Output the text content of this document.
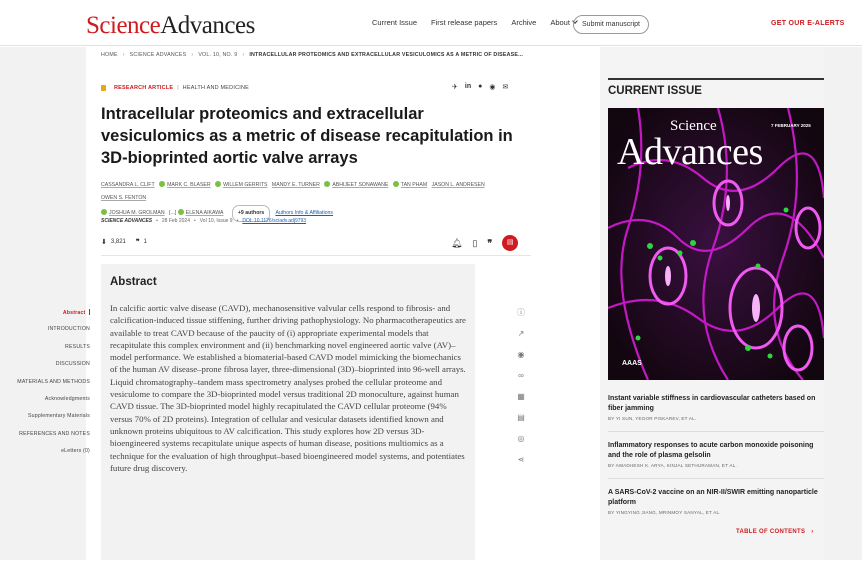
ScienceAdvances	Current Issue First release papers Archive About	Submit manuscript	GET OUR E-ALERTS
HOME › SCIENCE ADVANCES › VOL. 10, NO. 9 › INTRACELLULAR PROTEOMICS AND EXTRACELLULAR VESICULOMICS AS A METRIC OF DISEASE...
RESEARCH ARTICLE | HEALTH AND MEDICINE	✈ in ● ◉ ✉
Intracellular proteomics and extracellular vesiculomics as a metric of disease recapitulation in 3D-bioprinted aortic valve arrays
CASSANDRA L. CLIFT MARK C. BLASER WILLEM GERRITS MANDY E. TURNER ABHIJEET SONAWANE TAN PHAM JASON L. ANDRESEN OWEN S. FENTON
JOSHUA M. GROLMAN [...] ELENA AIKAWA	+9 authors Authors Info & Affiliations
SCIENCE ADVANCES • 28 Feb 2024 • Vol 10, Issue 9 • DOI: 10.1126/sciadv.adj9793
⬇ 3,821 ❞ 1	🔔︎ ▯ ❞	▤
Abstract

In calcific aortic valve disease (CAVD), mechanosensitive valvular cells respond to fibrosis- and calcification-induced tissue stiffening, further driving pathophysiology. No pharmacotherapeutics are available to treat CAVD because of the paucity of (i) appropriate experimental models that recapitulate this complex environment and (ii) benchmarking novel engineered aortic valve (AV)–model performance. We established a biomaterial-based CAVD model mimicking the biomechanics of the human AV disease–prone fibrosa layer, three-dimensional (3D)–bioprinted into 96-well arrays. Liquid chromatography–tandem mass spectrometry analyses probed the cellular proteome and vesiculome to compare the 3D-bioprinted model versus traditional 2D monoculture, against human CAVD tissue. The 3D-bioprinted model highly recapitulated the CAVD cellular proteome (94% versus 70% of 2D proteins). Integration of cellular and vesicular datasets identified known and unknown proteins ubiquitous to AV calcification. This study explores how 2D versus 3D-bioengineered systems recapitulate unique aspects of human disease, positions multiomics as a technique for the evaluation of high throughput–based bioengineered model systems, and potentiates future drug discovery.

Abstract
INTRODUCTION
RESULTS
DISCUSSION
MATERIALS AND METHODS
Acknowledgments
Supplementary Materials
REFERENCES AND NOTES
eLetters (0)
ⓘ
↗
◉
∞
▦
▤
◎
⋖
CURRENT ISSUE
Science
Advances
7 FEBRUARY 2025
AAAS
Instant variable stiffness in cardiovascular catheters based on fiber jamming
BY YI SUN, YEGOR PISKAREV, ET AL.
Inflammatory responses to acute carbon monoxide poisoning and the role of plasma gelsolin
BY AWADHESH K. ARYA, KINJAL SETHURAMAN, ET AL.
A SARS-CoV-2 vaccine on an NIR-II/SWIR emitting nanoparticle platform
BY YINGYING JIANG, MRINMOY SANYAL, ET AL.
TABLE OF CONTENTS ›
